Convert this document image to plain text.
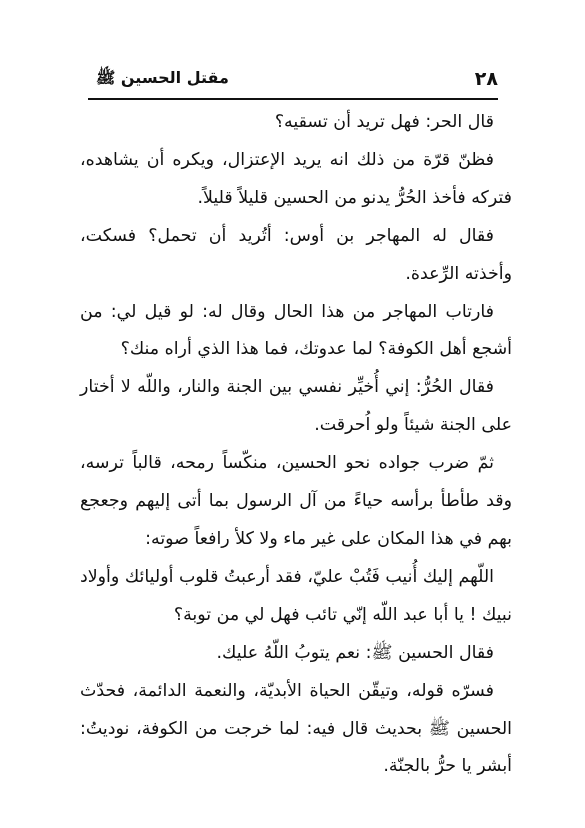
٢٨
مقتل الحسين ﷺ

قال الحر: فهل تريد أن تسقيه؟

فظنّ قرّة من ذلك انه يريد الإعتزال، ويكره أن يشاهده، فتركه فأخذ الحُرُّ يدنو من الحسين قليلاً قليلاً.

فقال له المهاجر بن أوس: أتُريد أن تحمل؟ فسكت، وأخذته الرِّعدة.

فارتاب المهاجر من هذا الحال وقال له: لو قيل لي: من أشجع أهل الكوفة؟ لما عدوتك، فما هذا الذي أراه منك؟

فقال الحُرُّ: إني أُخيِّر نفسي بين الجنة والنار، واللّه لا أختار على الجنة شيئاً ولو اُحرقت.

ثمّ ضرب جواده نحو الحسين، منكّساً رمحه، قالباً ترسه، وقد طأطأ برأسه حياءً من آل الرسول بما أتى إليهم وجعجع بهم في هذا المكان على غير ماء ولا كلأ رافعاً صوته:

اللّهم إليك أُنيب فَتُبْ عليّ، فقد أرعبتُ قلوب أوليائك وأولاد نبيك ! يا أبا عبد اللّه إنّي تائب فهل لي من توبة؟

فقال الحسين ﷺ: نعم يتوبُ اللّهُ عليك.

فسرّه قوله، وتيقّن الحياة الأبديّة، والنعمة الدائمة، فحدّث الحسين ﷺ بحديث قال فيه: لما خرجت من الكوفة، نوديتُ: أبشر يا حرُّ بالجنّة.
